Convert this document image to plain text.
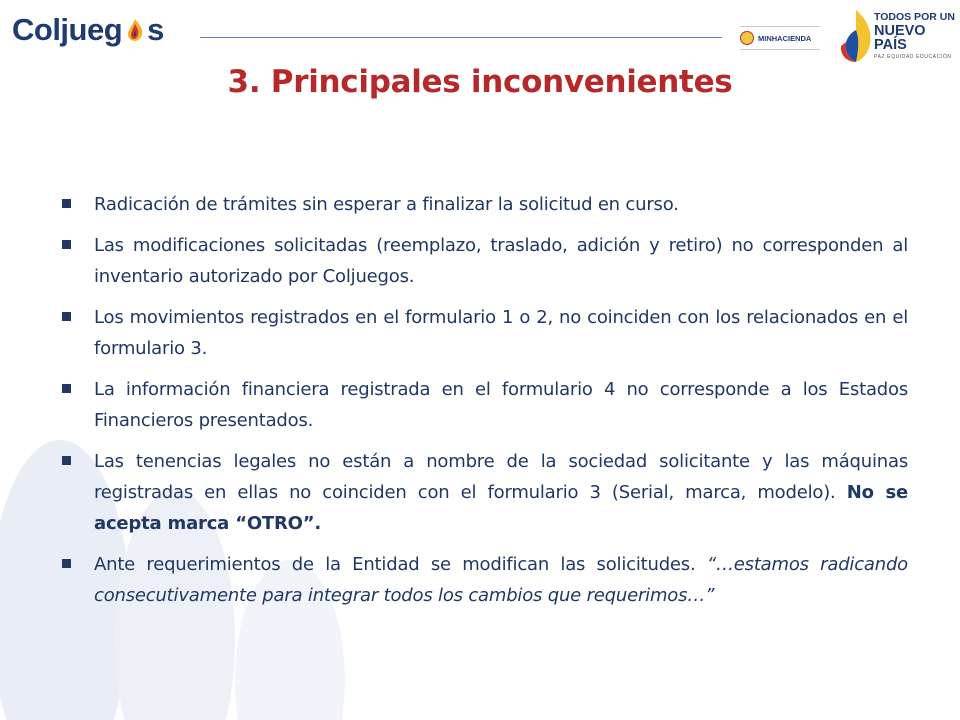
Coljueg s	MINHACIENDA
TODOS POR UN
NUEVO PAÍS
PAZ EQUIDAD EDUCACIÓN
3. Principales inconvenientes
Radicación de trámites sin esperar a finalizar la solicitud en curso.
Las modificaciones solicitadas (reemplazo, traslado, adición y retiro) no corresponden al inventario autorizado por Coljuegos.
Los movimientos registrados en el formulario 1 o 2, no coinciden con los relacionados en el formulario 3.
La información financiera registrada en el formulario 4 no corresponde a los Estados Financieros presentados.
Las tenencias legales no están a nombre de la sociedad solicitante y las máquinas registradas en ellas no coinciden con el formulario 3 (Serial, marca, modelo). No se acepta marca “OTRO”.
Ante requerimientos de la Entidad se modifican las solicitudes. “…estamos radicando consecutivamente para integrar todos los cambios que requerimos…”
